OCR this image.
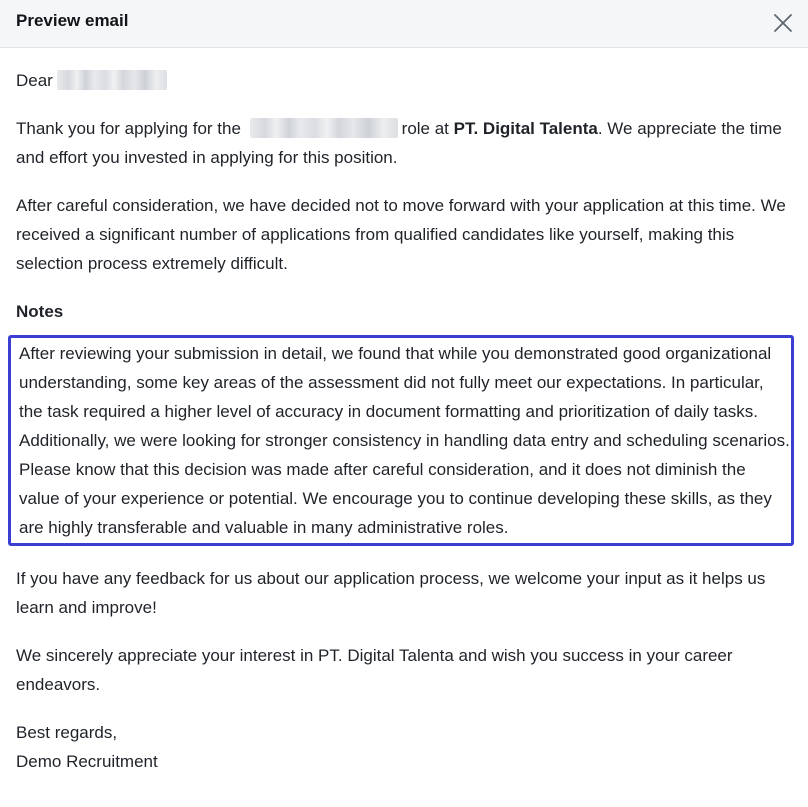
Preview email

Dear

Thank you for applying for the	role at PT. Digital Talenta. We appreciate the time and effort you invested in applying for this position.

After careful consideration, we have decided not to move forward with your application at this time. We received a significant number of applications from qualified candidates like yourself, making this selection process extremely difficult.

Notes

After reviewing your submission in detail, we found that while you demonstrated good organizational understanding, some key areas of the assessment did not fully meet our expectations. In particular, the task required a higher level of accuracy in document formatting and prioritization of daily tasks. Additionally, we were looking for stronger consistency in handling data entry and scheduling scenarios. Please know that this decision was made after careful consideration, and it does not diminish the value of your experience or potential. We encourage you to continue developing these skills, as they are highly transferable and valuable in many administrative roles.

If you have any feedback for us about our application process, we welcome your input as it helps us learn and improve!

We sincerely appreciate your interest in PT. Digital Talenta and wish you success in your career endeavors.

Best regards,
Demo Recruitment
